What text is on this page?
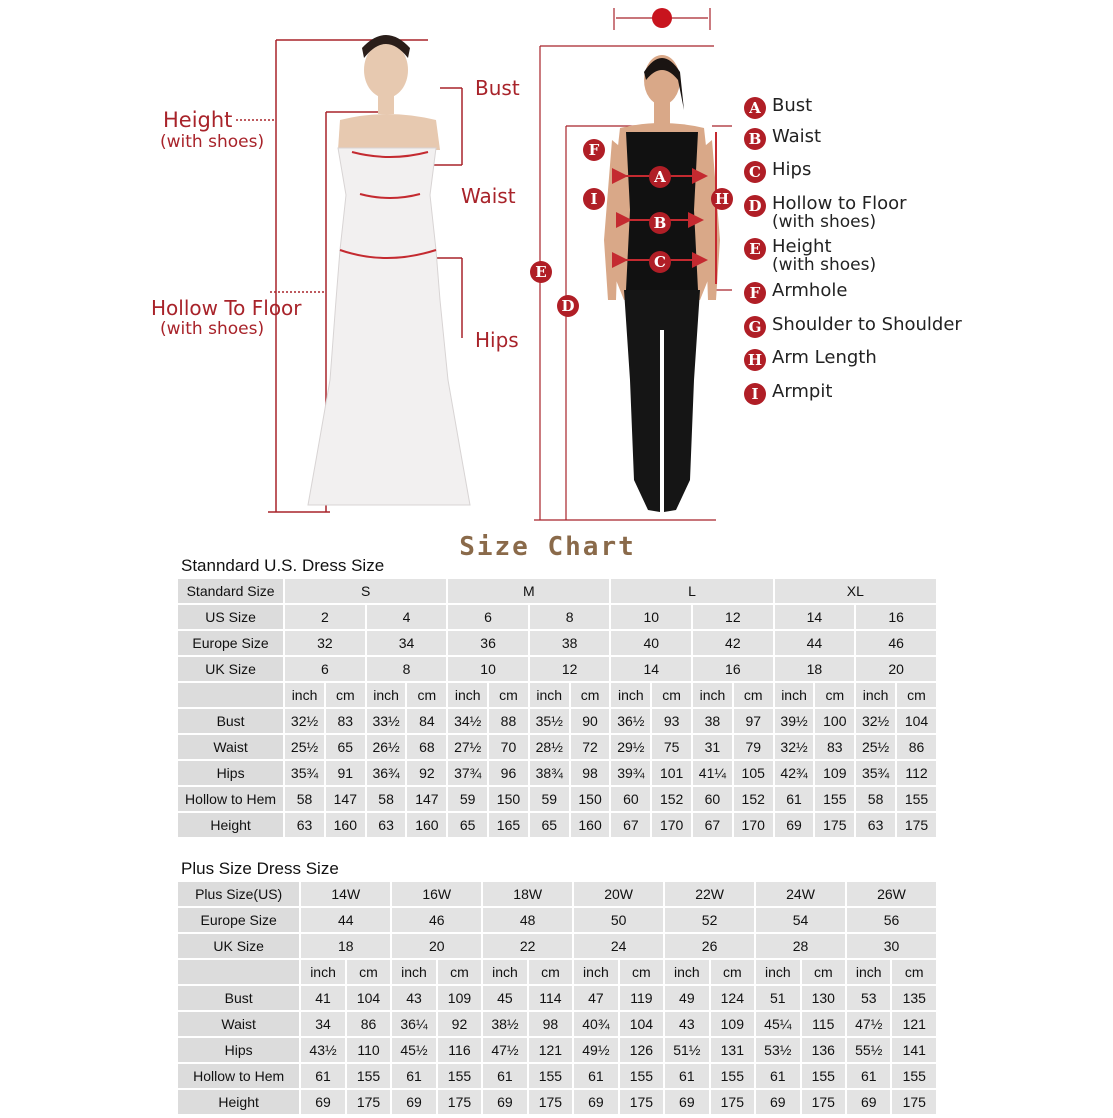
Height
(with shoes)
Bust
Waist
Hollow To Floor
(with shoes)	Hips
A
B
C
D
E
F
H
I
A Bust
B Waist
C Hips
D Hollow to Floor
(with shoes)
E Height
(with shoes)
F Armhole
G Shoulder to Shoulder
H Arm Length
I Armpit
Size Chart
Stanndard U.S. Dress Size
Standard Size	S				M				L				XL			
US Size	2		4		6		8		10		12		14		16	
Europe Size	32		34		36		38		40		42		44		46	
UK Size	6		8		10		12		14		16		18		20	
	inch	cm	inch	cm	inch	cm	inch	cm	inch	cm	inch	cm	inch	cm	inch	cm
Bust	32½	83	33½	84	34½	88	35½	90	36½	93	38	97	39½	100	32½	104
Waist	25½	65	26½	68	27½	70	28½	72	29½	75	31	79	32½	83	25½	86
Hips	35¾	91	36¾	92	37¾	96	38¾	98	39¾	101	41¼	105	42¾	109	35¾	112
Hollow to Hem	58	147	58	147	59	150	59	150	60	152	60	152	61	155	58	155
Height	63	160	63	160	65	165	65	160	67	170	67	170	69	175	63	175
Plus Size Dress Size
Plus Size(US)	14W		16W		18W		20W		22W		24W		26W	
Europe Size	44		46		48		50		52		54		56	
UK Size	18		20		22		24		26		28		30	
	inch	cm	inch	cm	inch	cm	inch	cm	inch	cm	inch	cm	inch	cm
Bust	41	104	43	109	45	114	47	119	49	124	51	130	53	135
Waist	34	86	36¼	92	38½	98	40¾	104	43	109	45¼	115	47½	121
Hips	43½	110	45½	116	47½	121	49½	126	51½	131	53½	136	55½	141
Hollow to Hem	61	155	61	155	61	155	61	155	61	155	61	155	61	155
Height	69	175	69	175	69	175	69	175	69	175	69	175	69	175
